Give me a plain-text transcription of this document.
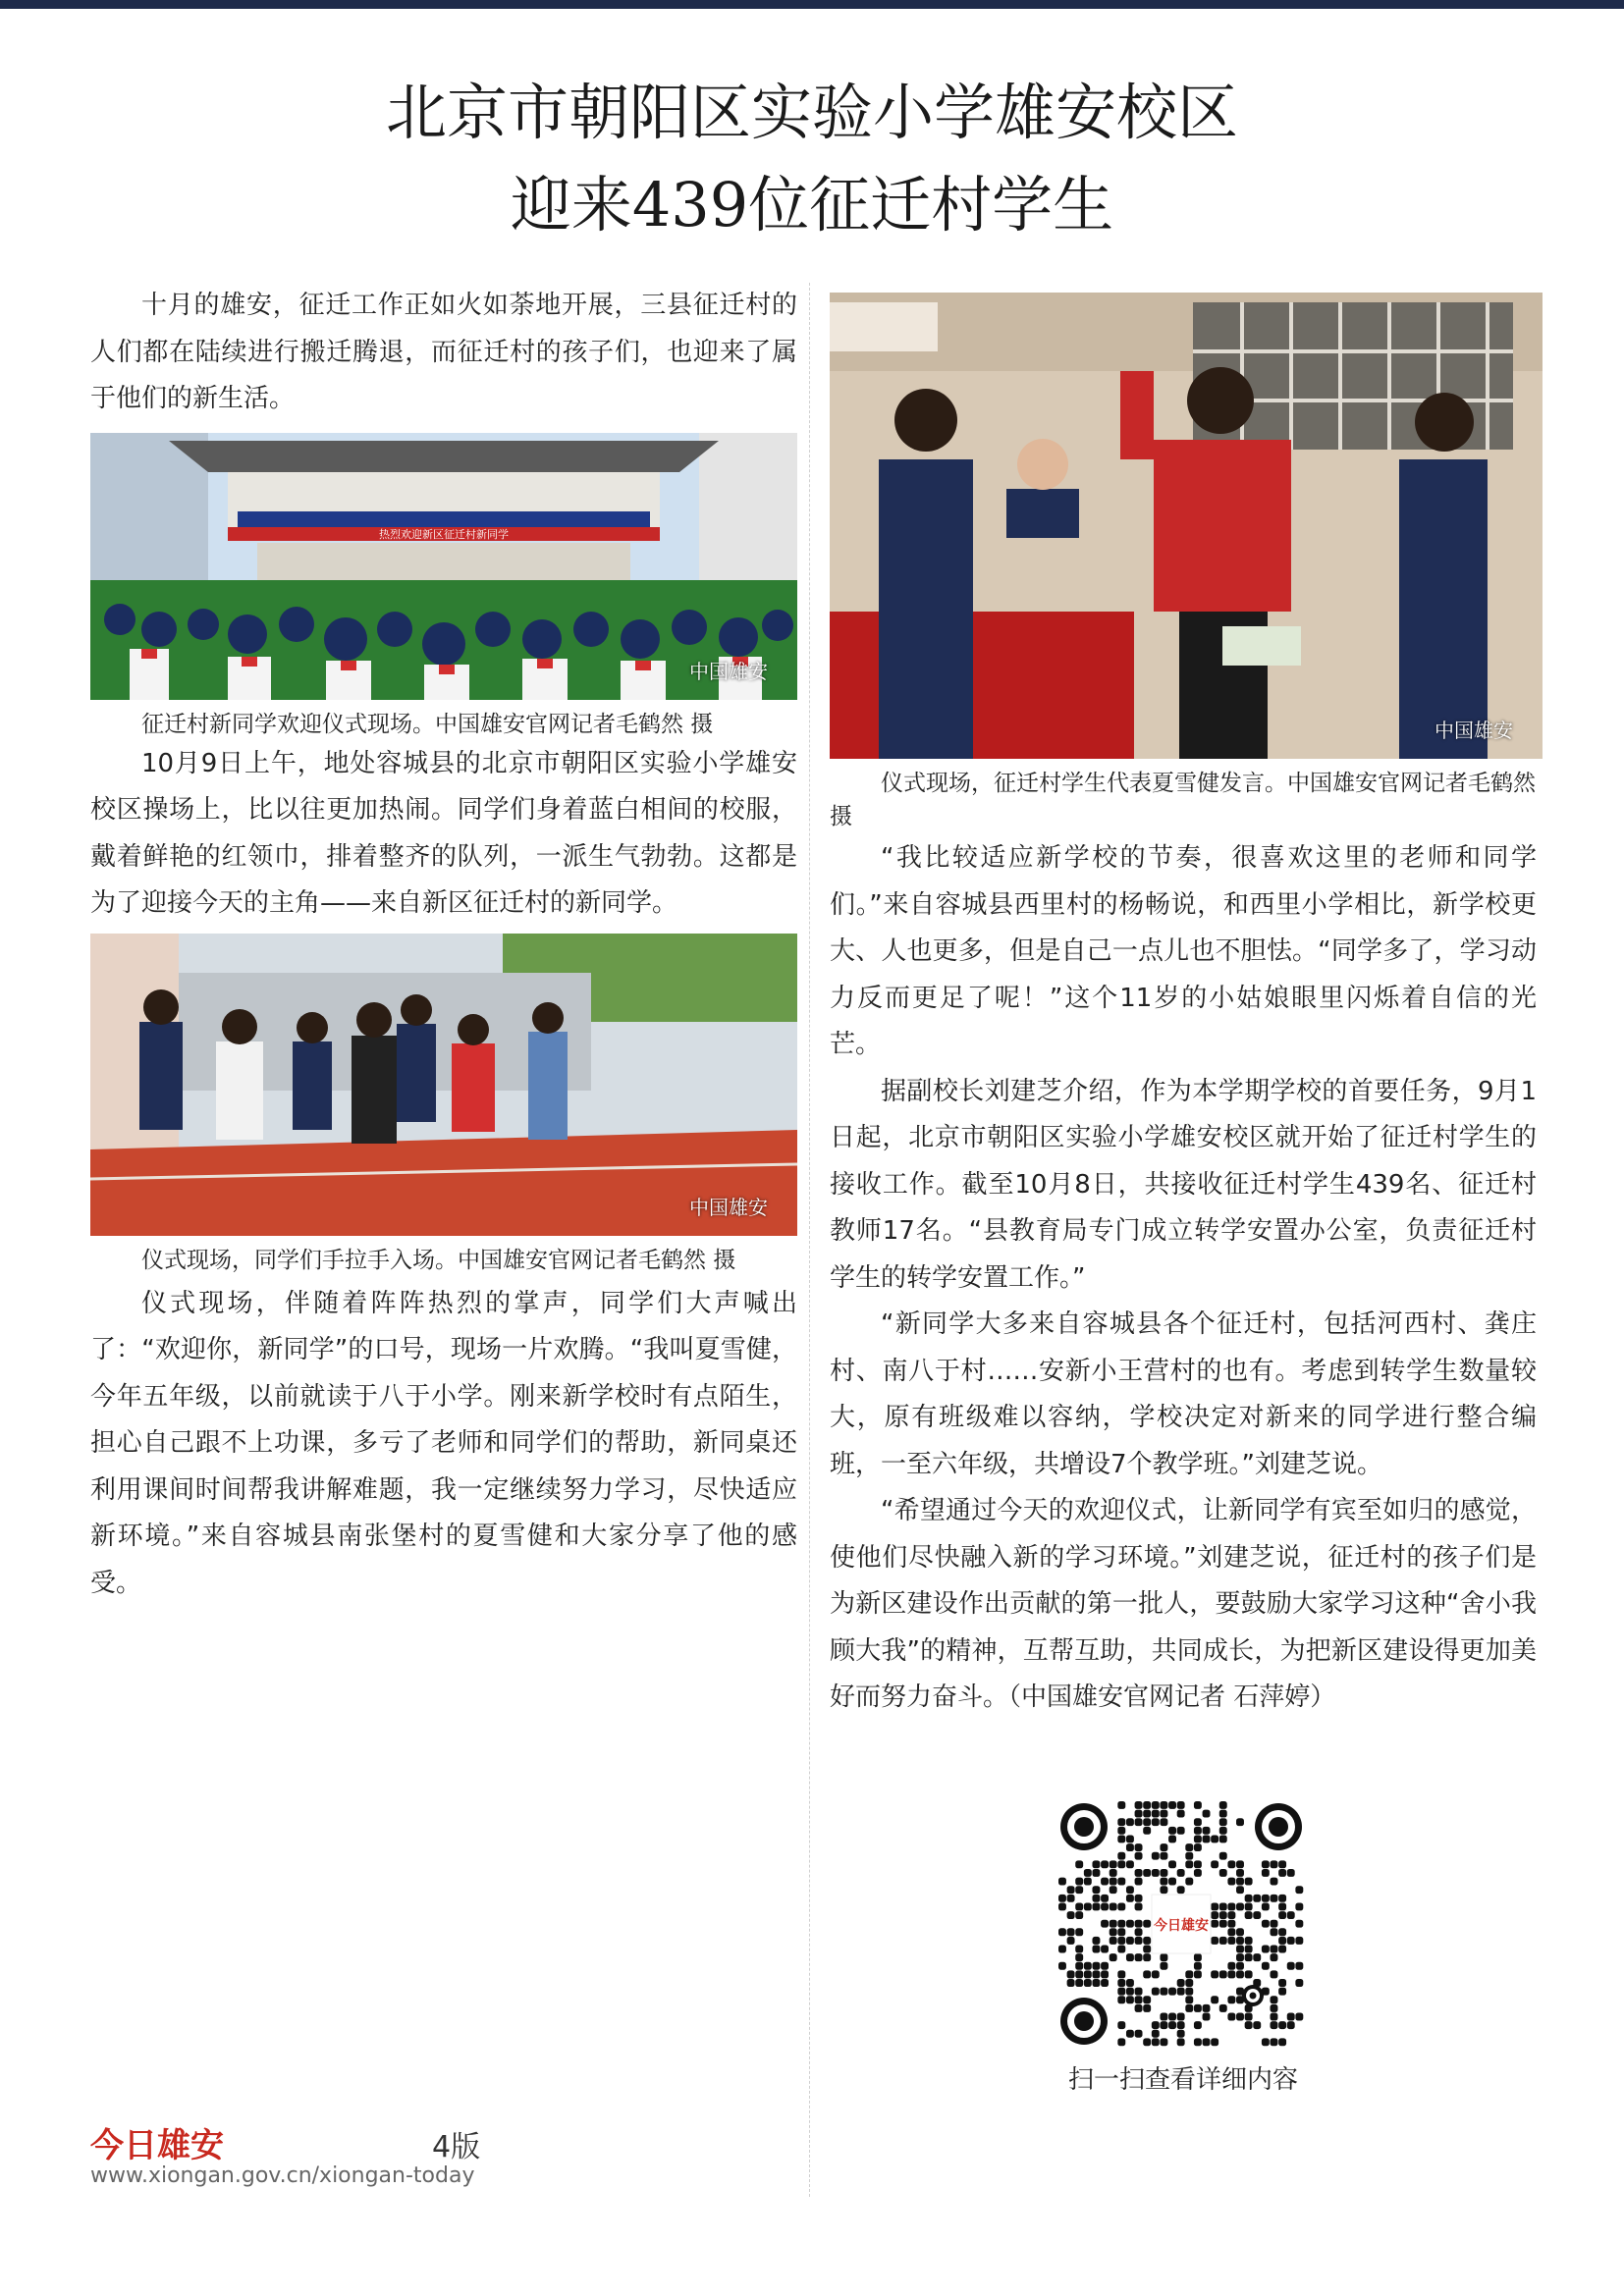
北京市朝阳区实验小学雄安校区
迎来439位征迁村学生

十月的雄安，征迁工作正如火如荼地开展，三县征迁村的人们都在陆续进行搬迁腾退，而征迁村的孩子们，也迎来了属于他们的新生活。

热烈欢迎新区征迁村新同学
中国雄安

征迁村新同学欢迎仪式现场。中国雄安官网记者毛鹤然 摄

10月9日上午，地处容城县的北京市朝阳区实验小学雄安校区操场上，比以往更加热闹。同学们身着蓝白相间的校服，戴着鲜艳的红领巾，排着整齐的队列，一派生气勃勃。这都是为了迎接今天的主角——来自新区征迁村的新同学。

中国雄安

仪式现场，同学们手拉手入场。中国雄安官网记者毛鹤然 摄

仪式现场，伴随着阵阵热烈的掌声，同学们大声喊出了：“欢迎你，新同学”的口号，现场一片欢腾。“我叫夏雪健，今年五年级，以前就读于八于小学。刚来新学校时有点陌生，担心自己跟不上功课，多亏了老师和同学们的帮助，新同桌还利用课间时间帮我讲解难题，我一定继续努力学习，尽快适应新环境。”来自容城县南张堡村的夏雪健和大家分享了他的感受。

中国雄安

仪式现场，征迁村学生代表夏雪健发言。中国雄安官网记者毛鹤然 摄

“我比较适应新学校的节奏，很喜欢这里的老师和同学们。”来自容城县西里村的杨畅说，和西里小学相比，新学校更大、人也更多，但是自己一点儿也不胆怯。“同学多了，学习动力反而更足了呢！”这个11岁的小姑娘眼里闪烁着自信的光芒。

据副校长刘建芝介绍，作为本学期学校的首要任务，9月1日起，北京市朝阳区实验小学雄安校区就开始了征迁村学生的接收工作。截至10月8日，共接收征迁村学生439名、征迁村教师17名。“县教育局专门成立转学安置办公室，负责征迁村学生的转学安置工作。”

“新同学大多来自容城县各个征迁村，包括河西村、龚庄村、南八于村……安新小王营村的也有。考虑到转学生数量较大，原有班级难以容纳，学校决定对新来的同学进行整合编班，一至六年级，共增设7个教学班。”刘建芝说。

“希望通过今天的欢迎仪式，让新同学有宾至如归的感觉，使他们尽快融入新的学习环境。”刘建芝说，征迁村的孩子们是为新区建设作出贡献的第一批人，要鼓励大家学习这种“舍小我顾大我”的精神，互帮互助，共同成长，为把新区建设得更加美好而努力奋斗。（中国雄安官网记者 石萍婷）

今日雄安
扫一扫查看详细内容
今日雄安	4版
www.xiongan.gov.cn/xiongan-today
